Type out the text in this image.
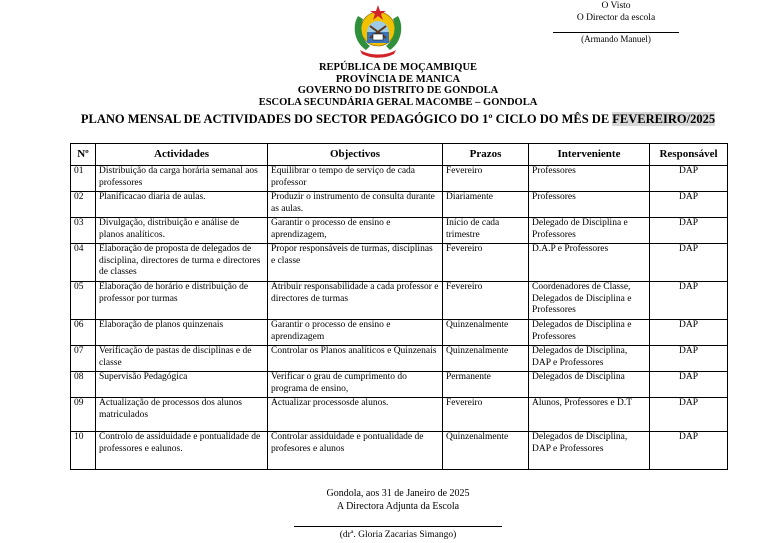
O Visto
O Director da escola
(Armando Manuel)
REPÚBLICA DE MOÇAMBIQUE
PROVÍNCIA DE MANICA
GOVERNO DO DISTRITO DE GONDOLA
ESCOLA SECUNDÁRIA GERAL MACOMBE – GONDOLA
PLANO MENSAL DE ACTIVIDADES DO SECTOR PEDAGÓGICO DO 1º CICLO DO MÊS DE FEVEREIRO/2025
Nº	Actividades	Objectivos	Prazos	Interveniente	Responsável
01	Distribuição da carga horária semanal aos professores	Equilibrar o tempo de serviço de cada professor	Fevereiro	Professores	DAP
02	Planificacao diaria de aulas.	Produzir o instrumento de consulta durante as aulas.	Diariamente	Professores	DAP
03	Divulgação, distribuição e análise de planos analíticos.	Garantir o processo de ensino e aprendizagem,	Início de cada trimestre	Delegado de Disciplina e Professores	DAP
04	Elaboração de proposta de delegados de disciplina, directores de turma e directores de classes	Propor responsáveis de turmas, disciplinas e classe	Fevereiro	D.A.P e Professores	DAP
05	Elaboração de horário e distribuição de professor por turmas	Atribuir responsabilidade a cada professor e directores de turmas	Fevereiro	Coordenadores de Classe, Delegados de Disciplina e Professores	DAP
06	Elaboração de planos quinzenais	Garantir o processo de ensino e aprendizagem	Quinzenalmente	Delegados de Disciplina e Professores	DAP
07	Verificação de pastas de disciplinas e de classe	Controlar os Planos analíticos e Quinzenais	Quinzenalmente	Delegados de Disciplina, DAP e Professores	DAP
08	Supervisão Pedagógica	Verificar o grau de cumprimento do programa de ensino,	Permanente	Delegados de Disciplina	DAP
09	Actualização de processos dos alunos matriculados	Actualizar processosde alunos.	Fevereiro	Alunos, Professores e D.T	DAP
10	Controlo de assiduidade e pontualidade de professores e ealunos.	Controlar assiduidade e pontualidade de profesores e alunos	Quinzenalmente	Delegados de Disciplina, DAP e Professores	DAP
Gondola, aos 31 de Janeiro de 2025
A Directora Adjunta da Escola
(drª. Gloria Zacarias Simango)
